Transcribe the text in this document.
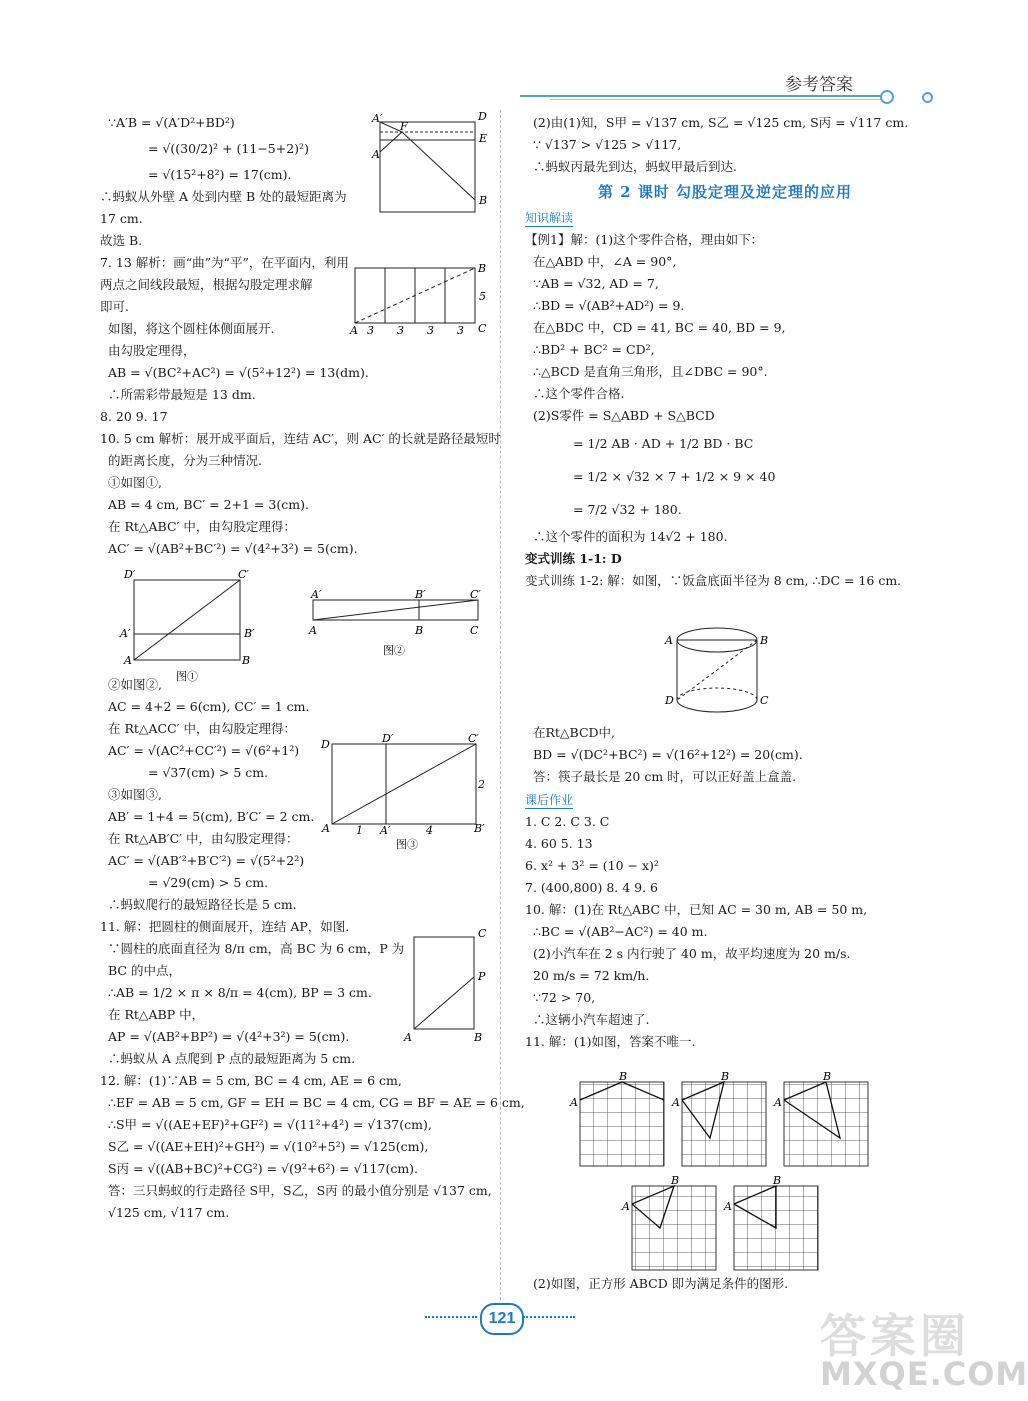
参考答案
∵A′B = √(A′D²+BD²)
= √((30/2)² + (11−5+2)²)
= √(15²+8²) = 17(cm).
∴蚂蚁从外壁 A 处到内壁 B 处的最短距离为
17 cm.
故选 B.
7. 13 解析：画“曲”为“平”，在平面内，利用
两点之间线段最短，根据勾股定理求解
即可.
如图，将这个圆柱体侧面展开.
由勾股定理得，
AB = √(BC²+AC²) = √(5²+12²) = 13(dm).
∴所需彩带最短是 13 dm.
8. 20 9. 17
10. 5 cm 解析：展开成平面后，连结 AC′，则 AC′ 的长就是路径最短时
的距离长度，分为三种情况.
①如图①,
AB = 4 cm, BC′ = 2+1 = 3(cm).
在 Rt△ABC′ 中，由勾股定理得：
AC′ = √(AB²+BC′²) = √(4²+3²) = 5(cm).
②如图②,
AC = 4+2 = 6(cm), CC′ = 1 cm.
在 Rt△ACC′ 中，由勾股定理得：
AC′ = √(AC²+CC′²) = √(6²+1²)
= √37(cm) > 5 cm.
③如图③,
AB′ = 1+4 = 5(cm), B′C′ = 2 cm.
在 Rt△AB′C′ 中，由勾股定理得：
AC′ = √(AB′²+B′C′²) = √(5²+2²)
= √29(cm) > 5 cm.
∴蚂蚁爬行的最短路径长是 5 cm.
11. 解：把圆柱的侧面展开，连结 AP，如图.
∵圆柱的底面直径为 8/π cm，高 BC 为 6 cm，P 为
BC 的中点，
∴AB = 1/2 × π × 8/π = 4(cm), BP = 3 cm.
在 Rt△ABP 中，
AP = √(AB²+BP²) = √(4²+3²) = 5(cm).
∴蚂蚁从 A 点爬到 P 点的最短距离为 5 cm.
12. 解：(1)∵AB = 5 cm, BC = 4 cm, AE = 6 cm,
∴EF = AB = 5 cm, GF = EH = BC = 4 cm, CG = BF = AE = 6 cm,
∴S甲 = √((AE+EF)²+GF²) = √(11²+4²) = √137(cm),
S乙 = √((AE+EH)²+GH²) = √(10²+5²) = √125(cm),
S丙 = √((AB+BC)²+CG²) = √(9²+6²) = √117(cm).
答：三只蚂蚁的行走路径 S甲，S乙，S丙 的最小值分别是 √137 cm,
√125 cm, √117 cm.
A′	D
F
E
A
B
B
5
A 3 3 3 3 C
D′	C′
A′	B′
A	B
图①
A′	B′	C′
A	B	C
图②
D	D′	C′
2
A 1 A′	4	B′
图③
C
P
A	B
(2)由(1)知，S甲 = √137 cm, S乙 = √125 cm, S丙 = √117 cm.
∵ √137 > √125 > √117,
∴蚂蚁丙最先到达，蚂蚁甲最后到达.
第 2 课时 勾股定理及逆定理的应用
知识解读
【例1】解：(1)这个零件合格，理由如下：
在△ABD 中，∠A = 90°,
∵AB = √32, AD = 7,
∴BD = √(AB²+AD²) = 9.
在△BDC 中，CD = 41, BC = 40, BD = 9,
∴BD² + BC² = CD²,
∴△BCD 是直角三角形，且∠DBC = 90°.
∴这个零件合格.
(2)S零件 = S△ABD + S△BCD
= 1/2 AB · AD + 1/2 BD · BC
= 1/2 × √32 × 7 + 1/2 × 9 × 40
= 7/2 √32 + 180.
∴这个零件的面积为 14√2 + 180.
变式训练 1-1: D
变式训练 1-2: 解：如图，∵饭盒底面半径为 8 cm, ∴DC = 16 cm.
在Rt△BCD中,
BD = √(DC²+BC²) = √(16²+12²) = 20(cm).
答：筷子最长是 20 cm 时，可以正好盖上盒盖.
课后作业
1. C 2. C 3. C
4. 60 5. 13
6. x² + 3² = (10 − x)²
7. (400,800) 8. 4 9. 6
10. 解：(1)在 Rt△ABC 中，已知 AC = 30 m, AB = 50 m,
∴BC = √(AB²−AC²) = 40 m.
(2)小汽车在 2 s 内行驶了 40 m，故平均速度为 20 m/s.
20 m/s = 72 km/h.
∵72 > 70,
∴这辆小汽车超速了.
11. 解：(1)如图，答案不唯一.
(2)如图，正方形 ABCD 即为满足条件的图形.
A	B
D	C
A
B
A
B
A
B
A
B
A
B
121	答案圈
MXQE.COM
